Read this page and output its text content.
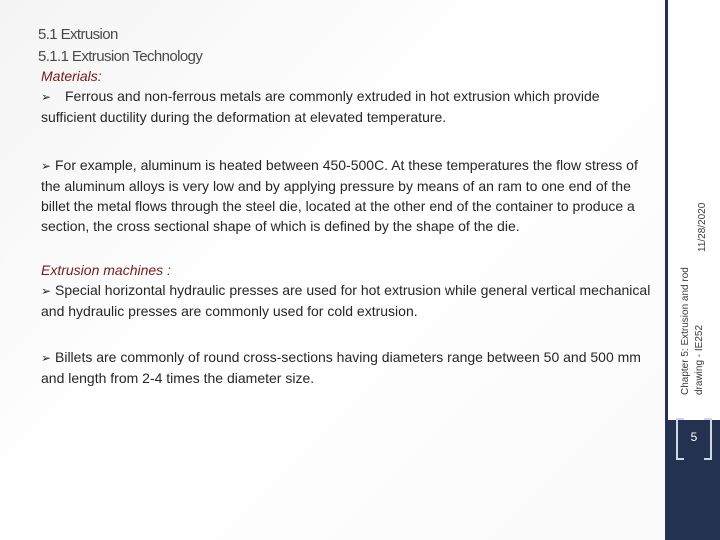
5.1 Extrusion
5.1.1 Extrusion Technology

Materials:

➢ Ferrous and non-ferrous metals are commonly extruded in hot extrusion which provide sufficient ductility during the deformation at elevated temperature.

➢ For example, aluminum is heated between 450-500C. At these temperatures the flow stress of the aluminum alloys is very low and by applying pressure by means of an ram to one end of the billet the metal flows through the steel die, located at the other end of the container to produce a section, the cross sectional shape of which is defined by the shape of the die.

Extrusion machines :

➢ Special horizontal hydraulic presses are used for hot extrusion while general vertical mechanical and hydraulic presses are commonly used for cold extrusion.

➢ Billets are commonly of round cross-sections having diameters range between 50 and 500 mm and length from 2-4 times the diameter size.

11/28/2020
Chapter 5: Extrusion and rod drawing - IE252
5
